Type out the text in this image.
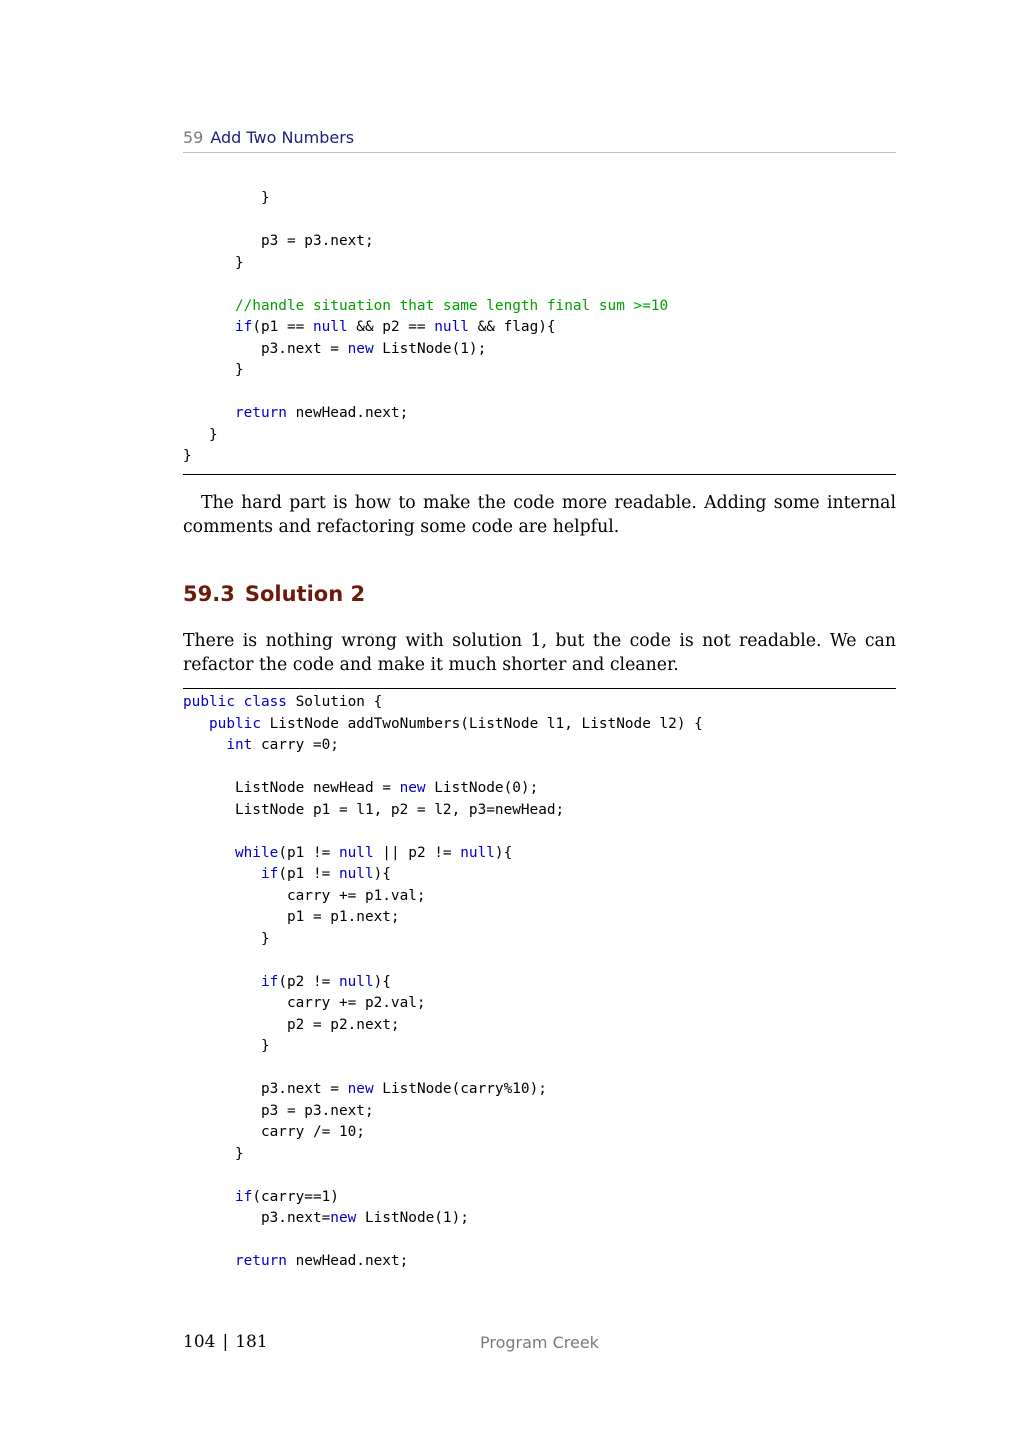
59 Add Two Numbers
}
p3 = p3.next;
}
//handle situation that same length final sum >=10
if(p1 == null && p2 == null && flag){
p3.next = new ListNode(1);
}
return newHead.next;
}
}
The hard part is how to make the code more readable. Adding some internal comments and refactoring some code are helpful.
59.3 Solution 2
There is nothing wrong with solution 1, but the code is not readable. We can refactor the code and make it much shorter and cleaner.
public class Solution {
public ListNode addTwoNumbers(ListNode l1, ListNode l2) {
int carry =0;
ListNode newHead = new ListNode(0);
ListNode p1 = l1, p2 = l2, p3=newHead;
while(p1 != null || p2 != null){
if(p1 != null){
carry += p1.val;
p1 = p1.next;
}
if(p2 != null){
carry += p2.val;
p2 = p2.next;
}
p3.next = new ListNode(carry%10);
p3 = p3.next;
carry /= 10;
}
if(carry==1)
p3.next=new ListNode(1);
return newHead.next;
104 | 181	Program Creek
